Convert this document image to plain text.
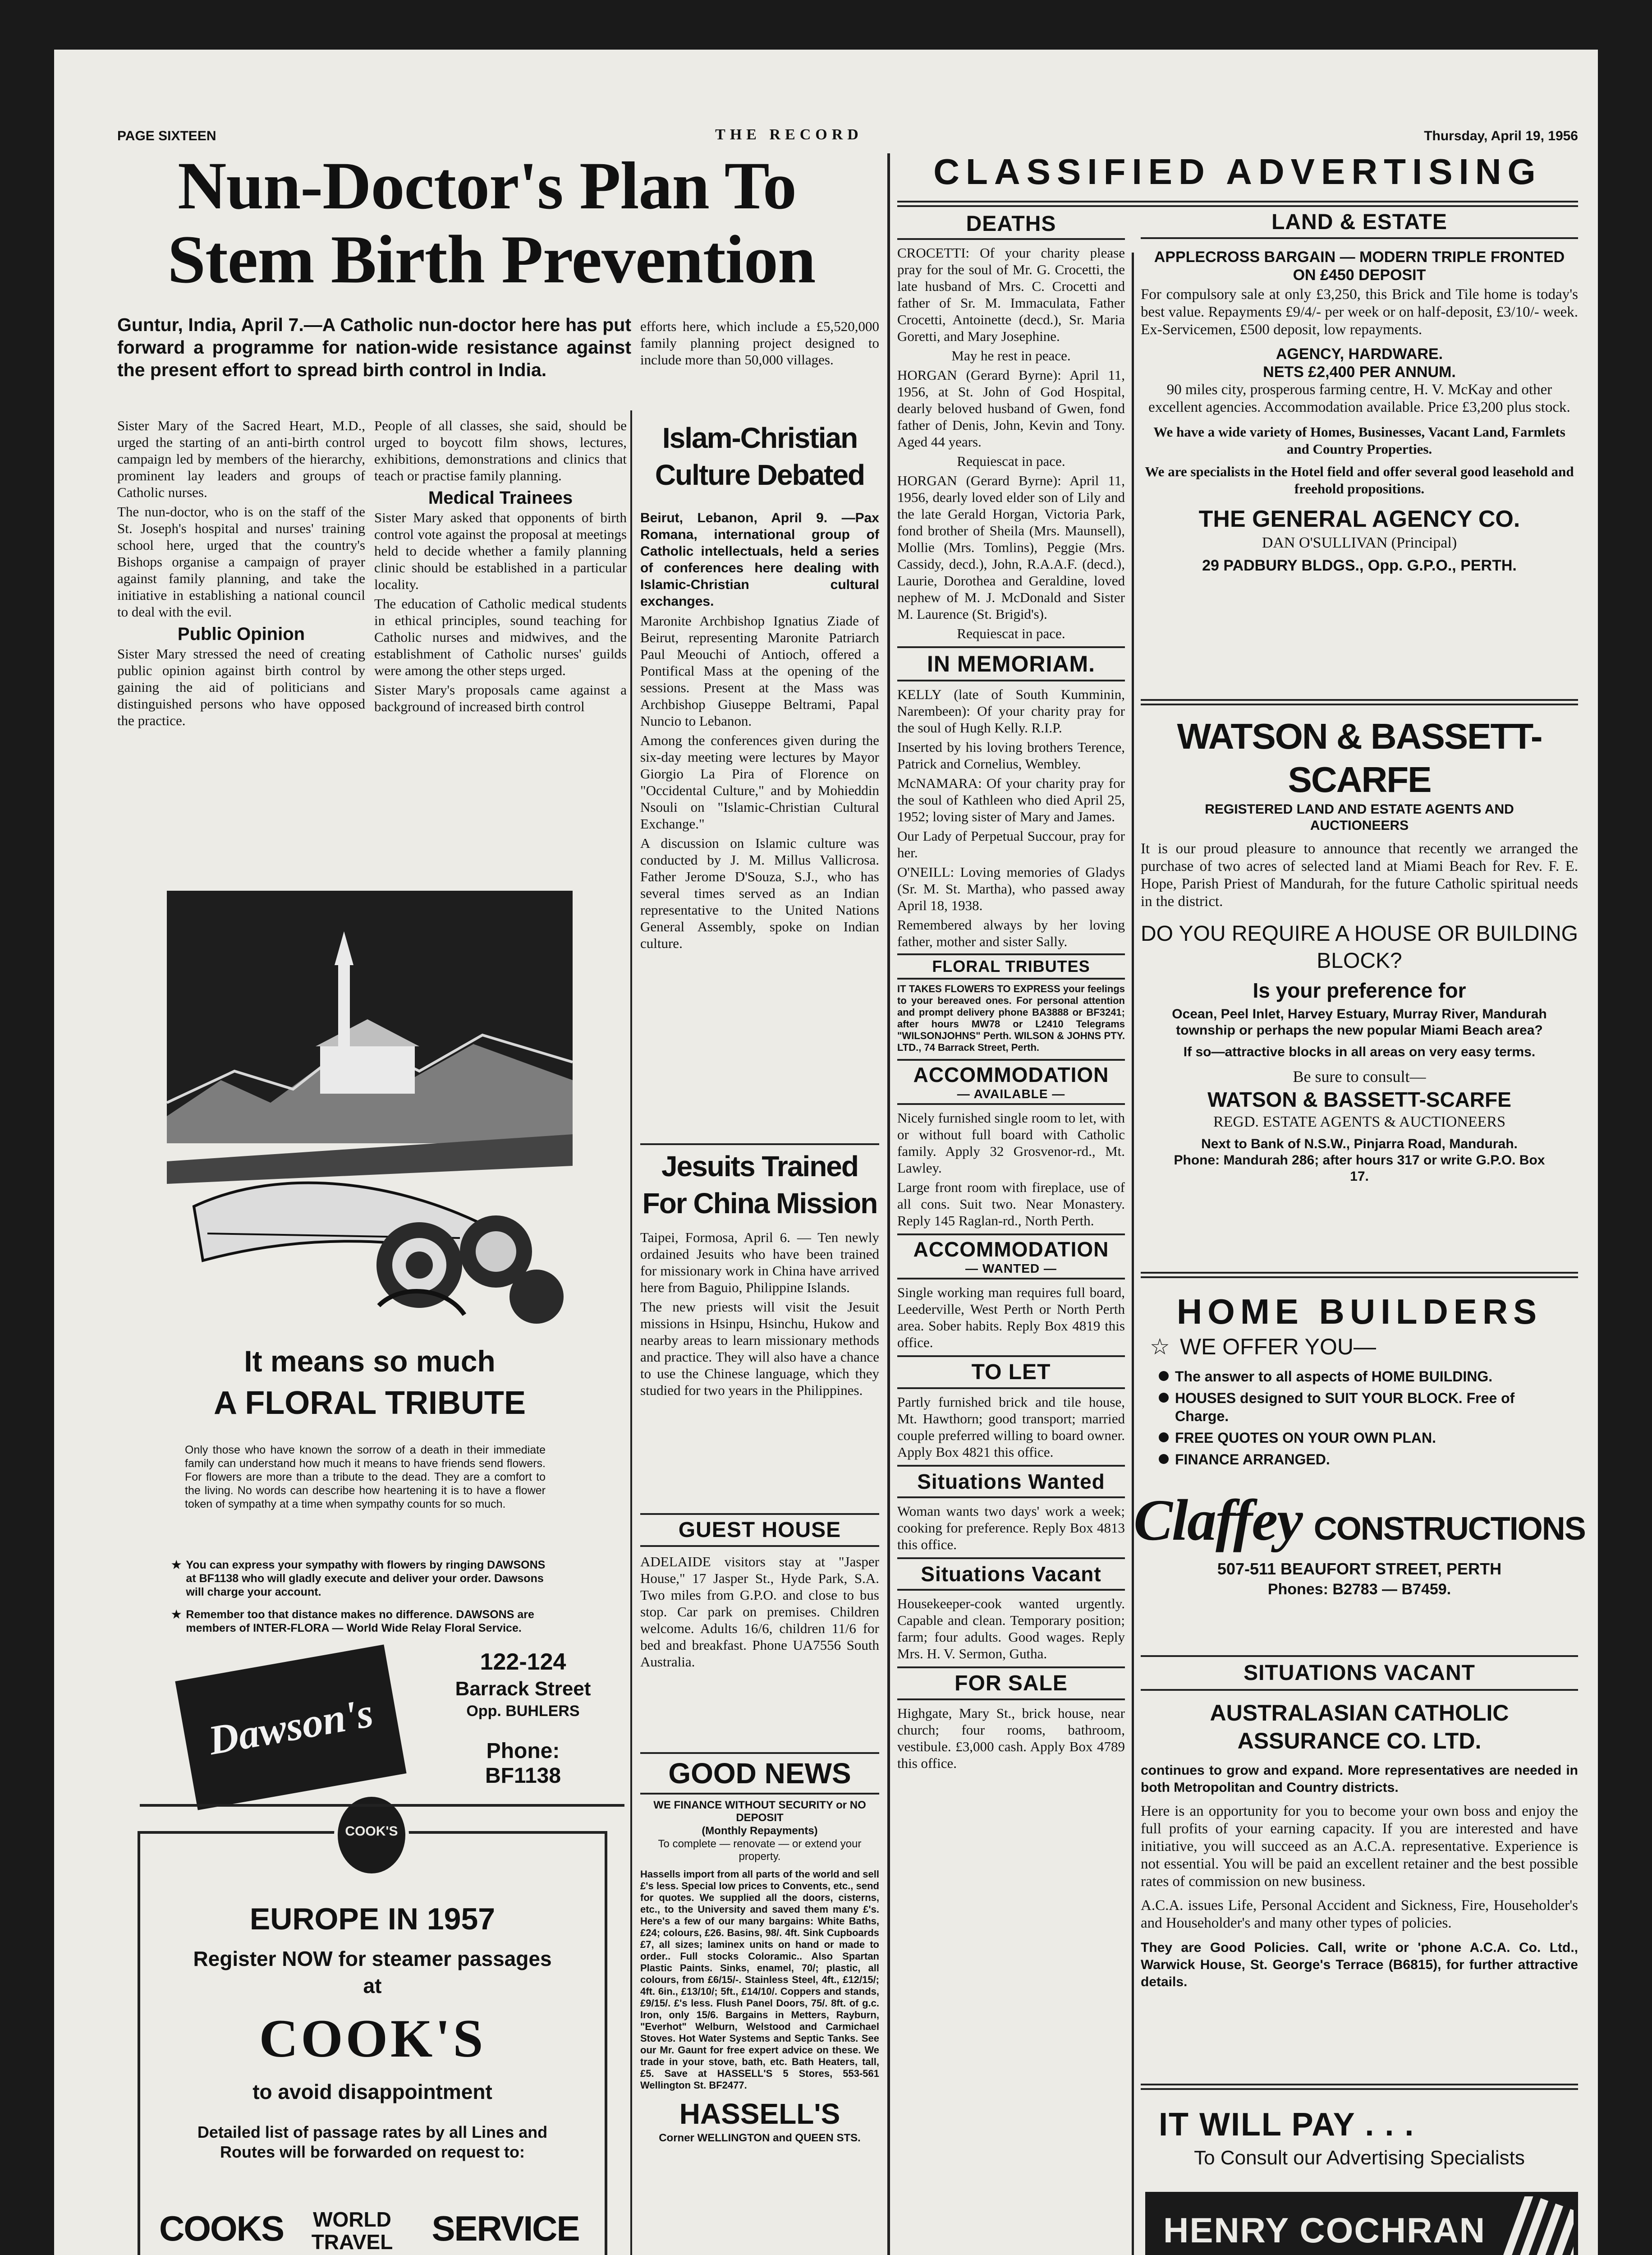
PAGE SIXTEEN	THE RECORD	Thursday, April 19, 1956
Nun-Doctor's Plan To
Stem Birth Prevention
Guntur, India, April 7.—A Catholic nun-doctor here has put forward a programme for nation-wide resistance against the present effort to spread birth control in India.

Sister Mary of the Sacred Heart, M.D., urged the starting of an anti-birth control campaign led by members of the hierarchy, prominent lay leaders and groups of Catholic nurses.

The nun-doctor, who is on the staff of the St. Joseph's hospital and nurses' training school here, urged that the country's Bishops organise a campaign of prayer against family planning, and take the initiative in establishing a national council to deal with the evil.

Public Opinion

Sister Mary stressed the need of creating public opinion against birth control by gaining the aid of politicians and distinguished persons who have opposed the practice.

People of all classes, she said, should be urged to boycott film shows, lectures, exhibitions, demonstrations and clinics that teach or practise family planning.

Medical Trainees

Sister Mary asked that opponents of birth control vote against the proposal at meetings held to decide whether a family planning clinic should be established in a particular locality.

The education of Catholic medical students in ethical principles, sound teaching for Catholic nurses and midwives, and the establishment of Catholic nurses' guilds were among the other steps urged.

Sister Mary's proposals came against a background of increased birth control

efforts here, which include a £5,520,000 family planning project designed to include more than 50,000 villages.
Islam-Christian Culture Debated

Beirut, Lebanon, April 9. —Pax Romana, international group of Catholic intellectuals, held a series of conferences here dealing with Islamic-Christian cultural exchanges.

Maronite Archbishop Ignatius Ziade of Beirut, representing Maronite Patriarch Paul Meouchi of Antioch, offered a Pontifical Mass at the opening of the sessions. Present at the Mass was Archbishop Giuseppe Beltrami, Papal Nuncio to Lebanon.

Among the conferences given during the six-day meeting were lectures by Mayor Giorgio La Pira of Florence on "Occidental Culture," and by Mohieddin Nsouli on "Islamic-Christian Cultural Exchange."

A discussion on Islamic culture was conducted by J. M. Millus Vallicrosa. Father Jerome D'Souza, S.J., who has several times served as an Indian representative to the United Nations General Assembly, spoke on Indian culture.

Jesuits Trained For China Mission

Taipei, Formosa, April 6. — Ten newly ordained Jesuits who have been trained for missionary work in China have arrived here from Baguio, Philippine Islands.

The new priests will visit the Jesuit missions in Hsinpu, Hsinchu, Hukow and nearby areas to learn missionary methods and practice. They will also have a chance to use the Chinese language, which they studied for two years in the Philippines.

GUEST HOUSE
ADELAIDE visitors stay at "Jasper House," 17 Jasper St., Hyde Park, S.A. Two miles from G.P.O. and close to bus stop. Car park on premises. Children welcome. Adults 16/6, children 11/6 for bed and breakfast. Phone UA7556 South Australia.
GOOD NEWS
WE FINANCE WITHOUT SECURITY or NO DEPOSIT
(Monthly Repayments)
To complete — renovate — or extend your property.
Hassells import from all parts of the world and sell £'s less. Special low prices to Convents, etc., send for quotes. We supplied all the doors, cisterns, etc., to the University and saved them many £'s. Here's a few of our many bargains: White Baths, £24; colours, £26. Basins, 98/. 4ft. Sink Cupboards £7, all sizes; laminex units on hand or made to order.. Full stocks Coloramic.. Also Spartan Plastic Paints. Sinks, enamel, 70/; plastic, all colours, from £6/15/-. Stainless Steel, 4ft., £12/15/; 4ft. 6in., £13/10/; 5ft., £14/10/. Coppers and stands, £9/15/. £'s less. Flush Panel Doors, 75/. 8ft. of g.c. Iron, only 15/6. Bargains in Metters, Rayburn, "Everhot" Welburn, Welstood and Carmichael Stoves. Hot Water Systems and Septic Tanks. See our Mr. Gaunt for free expert advice on these. We trade in your stove, bath, etc. Bath Heaters, tall, £5. Save at HASSELL'S 5 Stores, 553-561 Wellington St. BF2477.
HASSELL'S
Corner WELLINGTON and QUEEN STS.
It means so much
A FLORAL TRIBUTE
Only those who have known the sorrow of a death in their immediate family can understand how much it means to have friends send flowers. For flowers are more than a tribute to the dead. They are a comfort to the living. No words can describe how heartening it is to have a flower token of sympathy at a time when sympathy counts for so much.
★ You can express your sympathy with flowers by ringing DAWSONS at BF1138 who will gladly execute and deliver your order. Dawsons will charge your account.
★ Remember too that distance makes no difference. DAWSONS are members of INTER-FLORA — World Wide Relay Floral Service.
Dawson's
122-124
Barrack Street
Opp. BUHLERS
Phone: BF1138
COOK'S
EUROPE IN 1957
Register NOW for steamer passages
at
COOK'S
to avoid disappointment
Detailed list of passage rates by all Lines and Routes will be forwarded on request to:
COOKS	WORLD TRAVEL	SERVICE
CLASSIFIED ADVERTISING
DEATHS

CROCETTI: Of your charity please pray for the soul of Mr. G. Crocetti, the late husband of Mrs. C. Crocetti and father of Sr. M. Immaculata, Father Crocetti, Antoinette (decd.), Sr. Maria Goretti, and Mary Josephine.

May he rest in peace.

HORGAN (Gerard Byrne): April 11, 1956, at St. John of God Hospital, dearly beloved husband of Gwen, fond father of Denis, John, Kevin and Tony. Aged 44 years.

Requiescat in pace.

HORGAN (Gerard Byrne): April 11, 1956, dearly loved elder son of Lily and the late Gerald Horgan, Victoria Park, fond brother of Sheila (Mrs. Maunsell), Mollie (Mrs. Tomlins), Peggie (Mrs. Cassidy, decd.), John, R.A.A.F. (decd.), Laurie, Dorothea and Geraldine, loved nephew of M. J. McDonald and Sister M. Laurence (St. Brigid's).

Requiescat in pace.

IN MEMORIAM.

KELLY (late of South Kumminin, Narembeen): Of your charity pray for the soul of Hugh Kelly. R.I.P.

Inserted by his loving brothers Terence, Patrick and Cornelius, Wembley.

McNAMARA: Of your charity pray for the soul of Kathleen who died April 25, 1952; loving sister of Mary and James.

Our Lady of Perpetual Succour, pray for her.

O'NEILL: Loving memories of Gladys (Sr. M. St. Martha), who passed away April 18, 1938.

Remembered always by her loving father, mother and sister Sally.

FLORAL TRIBUTES
IT TAKES FLOWERS TO EXPRESS your feelings to your bereaved ones. For personal attention and prompt delivery phone BA3888 or BF3241; after hours MW78 or L2410 Telegrams "WILSONJOHNS" Perth. WILSON & JOHNS PTY. LTD., 74 Barrack Street, Perth.
ACCOMMODATION
— AVAILABLE —

Nicely furnished single room to let, with or without full board with Catholic family. Apply 32 Grosvenor-rd., Mt. Lawley.

Large front room with fireplace, use of all cons. Suit two. Near Monastery. Reply 145 Raglan-rd., North Perth.

ACCOMMODATION
— WANTED —
Single working man requires full board, Leederville, West Perth or North Perth area. Sober habits. Reply Box 4819 this office.
TO LET
Partly furnished brick and tile house, Mt. Hawthorn; good transport; married couple preferred willing to board owner. Apply Box 4821 this office.
Situations Wanted
Woman wants two days' work a week; cooking for preference. Reply Box 4813 this office.
Situations Vacant
Housekeeper-cook wanted urgently. Capable and clean. Temporary position; farm; four adults. Good wages. Reply Mrs. H. V. Sermon, Gutha.
FOR SALE
Highgate, Mary St., brick house, near church; four rooms, bathroom, vestibule. £3,000 cash. Apply Box 4789 this office.
LAND & ESTATE
APPLECROSS BARGAIN — MODERN TRIPLE FRONTED ON £450 DEPOSIT
For compulsory sale at only £3,250, this Brick and Tile home is today's best value. Repayments £9/4/- per week or on half-deposit, £3/10/- week. Ex-Servicemen, £500 deposit, low repayments.
AGENCY, HARDWARE.
NETS £2,400 PER ANNUM.
90 miles city, prosperous farming centre, H. V. McKay and other excellent agencies. Accommodation available. Price £3,200 plus stock.
We have a wide variety of Homes, Businesses, Vacant Land, Farmlets and Country Properties.
We are specialists in the Hotel field and offer several good leasehold and freehold propositions.
THE GENERAL AGENCY CO.
DAN O'SULLIVAN (Principal)
29 PADBURY BLDGS., Opp. G.P.O., PERTH.
WATSON & BASSETT-SCARFE
REGISTERED LAND AND ESTATE AGENTS AND AUCTIONEERS
It is our proud pleasure to announce that recently we arranged the purchase of two acres of selected land at Miami Beach for Rev. F. E. Hope, Parish Priest of Mandurah, for the future Catholic spiritual needs in the district.
DO YOU REQUIRE A HOUSE OR BUILDING BLOCK?
Is your preference for
Ocean, Peel Inlet, Harvey Estuary, Murray River, Mandurah township or perhaps the new popular Miami Beach area?
If so—attractive blocks in all areas on very easy terms.
Be sure to consult—
WATSON & BASSETT-SCARFE
REGD. ESTATE AGENTS & AUCTIONEERS
Next to Bank of N.S.W., Pinjarra Road, Mandurah.
Phone: Mandurah 286; after hours 317 or write G.P.O. Box 17.
HOME BUILDERS
☆ WE OFFER YOU—
The answer to all aspects of HOME BUILDING.
HOUSES designed to SUIT YOUR BLOCK. Free of Charge.
FREE QUOTES ON YOUR OWN PLAN.
FINANCE ARRANGED.
Claffey CONSTRUCTIONS
507-511 BEAUFORT STREET, PERTH
Phones: B2783 — B7459.
SITUATIONS VACANT
AUSTRALASIAN CATHOLIC ASSURANCE CO. LTD.
continues to grow and expand. More representatives are needed in both Metropolitan and Country districts.
Here is an opportunity for you to become your own boss and enjoy the full profits of your earning capacity. If you are interested and have initiative, you will succeed as an A.C.A. representative. Experience is not essential. You will be paid an excellent retainer and the best possible rates of commission on new business.
A.C.A. issues Life, Personal Accident and Sickness, Fire, Householder's and Householder's and many other types of policies.
They are Good Policies. Call, write or 'phone A.C.A. Co. Ltd., Warwick House, St. George's Terrace (B6815), for further attractive details.
IT WILL PAY . . .
To Consult our Advertising Specialists
HENRY COCHRAN
